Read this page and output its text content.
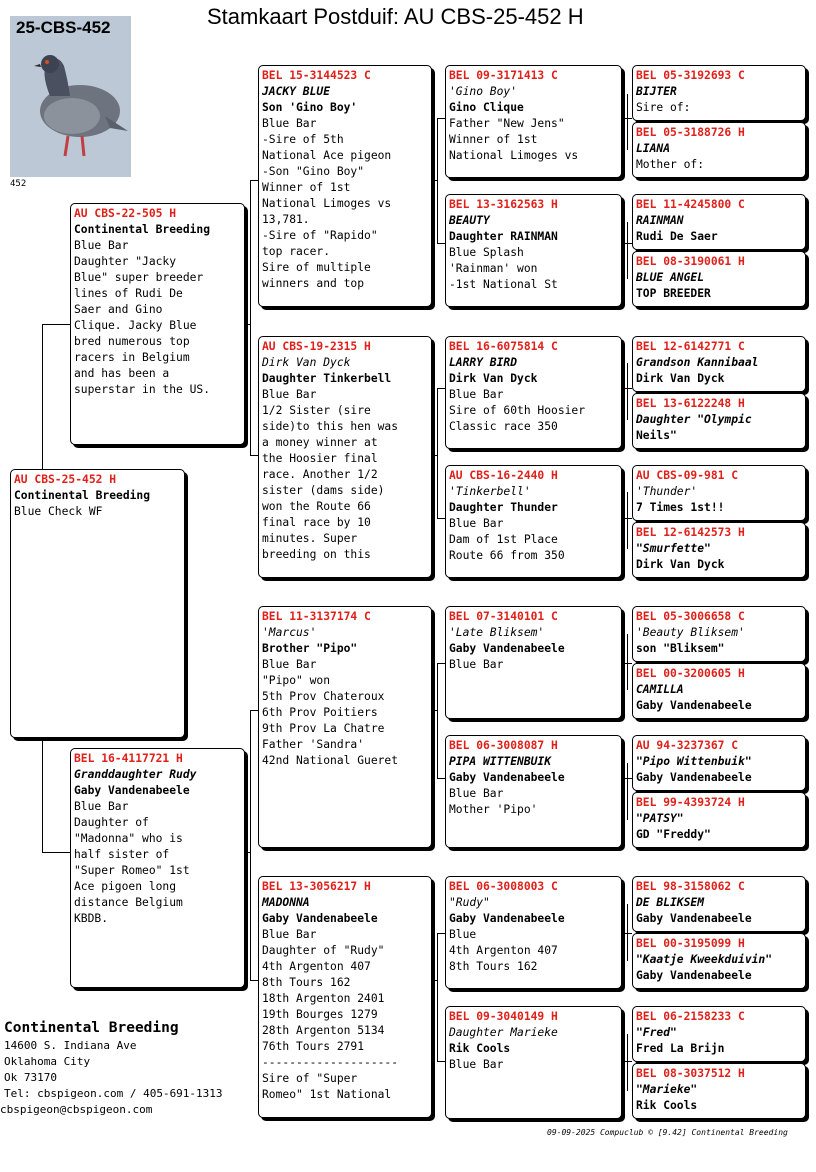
Stamkaart Postduif: AU CBS-25-452 H
25-CBS-452
452
AU CBS-25-452 H
Continental Breeding
Blue Check WF
AU CBS-22-505 H
Continental Breeding
Blue Bar
Daughter "Jacky
Blue" super breeder
lines of Rudi De
Saer and Gino
Clique. Jacky Blue
bred numerous top
racers in Belgium
and has been a
superstar in the US.
BEL 16-4117721 H
Granddaughter Rudy
Gaby Vandenabeele
Blue Bar
Daughter of
"Madonna" who is
half sister of
"Super Romeo" 1st
Ace pigoen long
distance Belgium
KBDB.
BEL 15-3144523 C
JACKY BLUE
Son 'Gino Boy'
Blue Bar
-Sire of 5th
National Ace pigeon
-Son "Gino Boy"
Winner of 1st
National Limoges vs
13,781.
-Sire of "Rapido"
top racer.
Sire of multiple
winners and top
AU CBS-19-2315 H
Dirk Van Dyck
Daughter Tinkerbell
Blue Bar
1/2 Sister (sire
side)to this hen was
a money winner at
the Hoosier final
race. Another 1/2
sister (dams side)
won the Route 66
final race by 10
minutes. Super
breeding on this
BEL 11-3137174 C
'Marcus'
Brother "Pipo"
Blue Bar
"Pipo" won
5th Prov Chateroux
6th Prov Poitiers
9th Prov La Chatre
Father 'Sandra'
42nd National Gueret
BEL 13-3056217 H
MADONNA
Gaby Vandenabeele
Blue Bar
Daughter of "Rudy"
4th Argenton 407
8th Tours 162
18th Argenton 2401
19th Bourges 1279
28th Argenton 5134
76th Tours 2791
--------------------
Sire of "Super
Romeo" 1st National
BEL 09-3171413 C
'Gino Boy'
Gino Clique
Father "New Jens"
Winner of 1st
National Limoges vs
BEL 13-3162563 H
BEAUTY
Daughter RAINMAN
Blue Splash
'Rainman' won
-1st National St
BEL 16-6075814 C
LARRY BIRD
Dirk Van Dyck
Blue Bar
Sire of 60th Hoosier
Classic race 350
AU CBS-16-2440 H
'Tinkerbell'
Daughter Thunder
Blue Bar
Dam of 1st Place
Route 66 from 350
BEL 07-3140101 C
'Late Bliksem'
Gaby Vandenabeele
Blue Bar
BEL 06-3008087 H
PIPA WITTENBUIK
Gaby Vandenabeele
Blue Bar
Mother 'Pipo'
BEL 06-3008003 C
"Rudy"
Gaby Vandenabeele
Blue
4th Argenton 407
8th Tours 162
BEL 09-3040149 H
Daughter Marieke
Rik Cools
Blue Bar
BEL 05-3192693 C
BIJTER
Sire of:
BEL 05-3188726 H
LIANA
Mother of:
BEL 11-4245800 C
RAINMAN
Rudi De Saer
BEL 08-3190061 H
BLUE ANGEL
TOP BREEDER
BEL 12-6142771 C
Grandson Kannibaal
Dirk Van Dyck
BEL 13-6122248 H
Daughter "Olympic
Neils"
AU CBS-09-981 C
'Thunder'
7 Times 1st!!
BEL 12-6142573 H
"Smurfette"
Dirk Van Dyck
BEL 05-3006658 C
'Beauty Bliksem'
son "Bliksem"
BEL 00-3200605 H
CAMILLA
Gaby Vandenabeele
AU 94-3237367 C
"Pipo Wittenbuik"
Gaby Vandenabeele
BEL 99-4393724 H
"PATSY"
GD "Freddy"
BEL 98-3158062 C
DE BLIKSEM
Gaby Vandenabeele
BEL 00-3195099 H
"Kaatje Kweekduivin"
Gaby Vandenabeele
BEL 06-2158233 C
"Fred"
Fred La Brijn
BEL 08-3037512 H
"Marieke"
Rik Cools
Continental Breeding
14600 S. Indiana Ave
Oklahoma City
Ok 73170
Tel: cbspigeon.com / 405-691-1313
cbspigeon@cbspigeon.com
09-09-2025 Compuclub © [9.42] Continental Breeding
